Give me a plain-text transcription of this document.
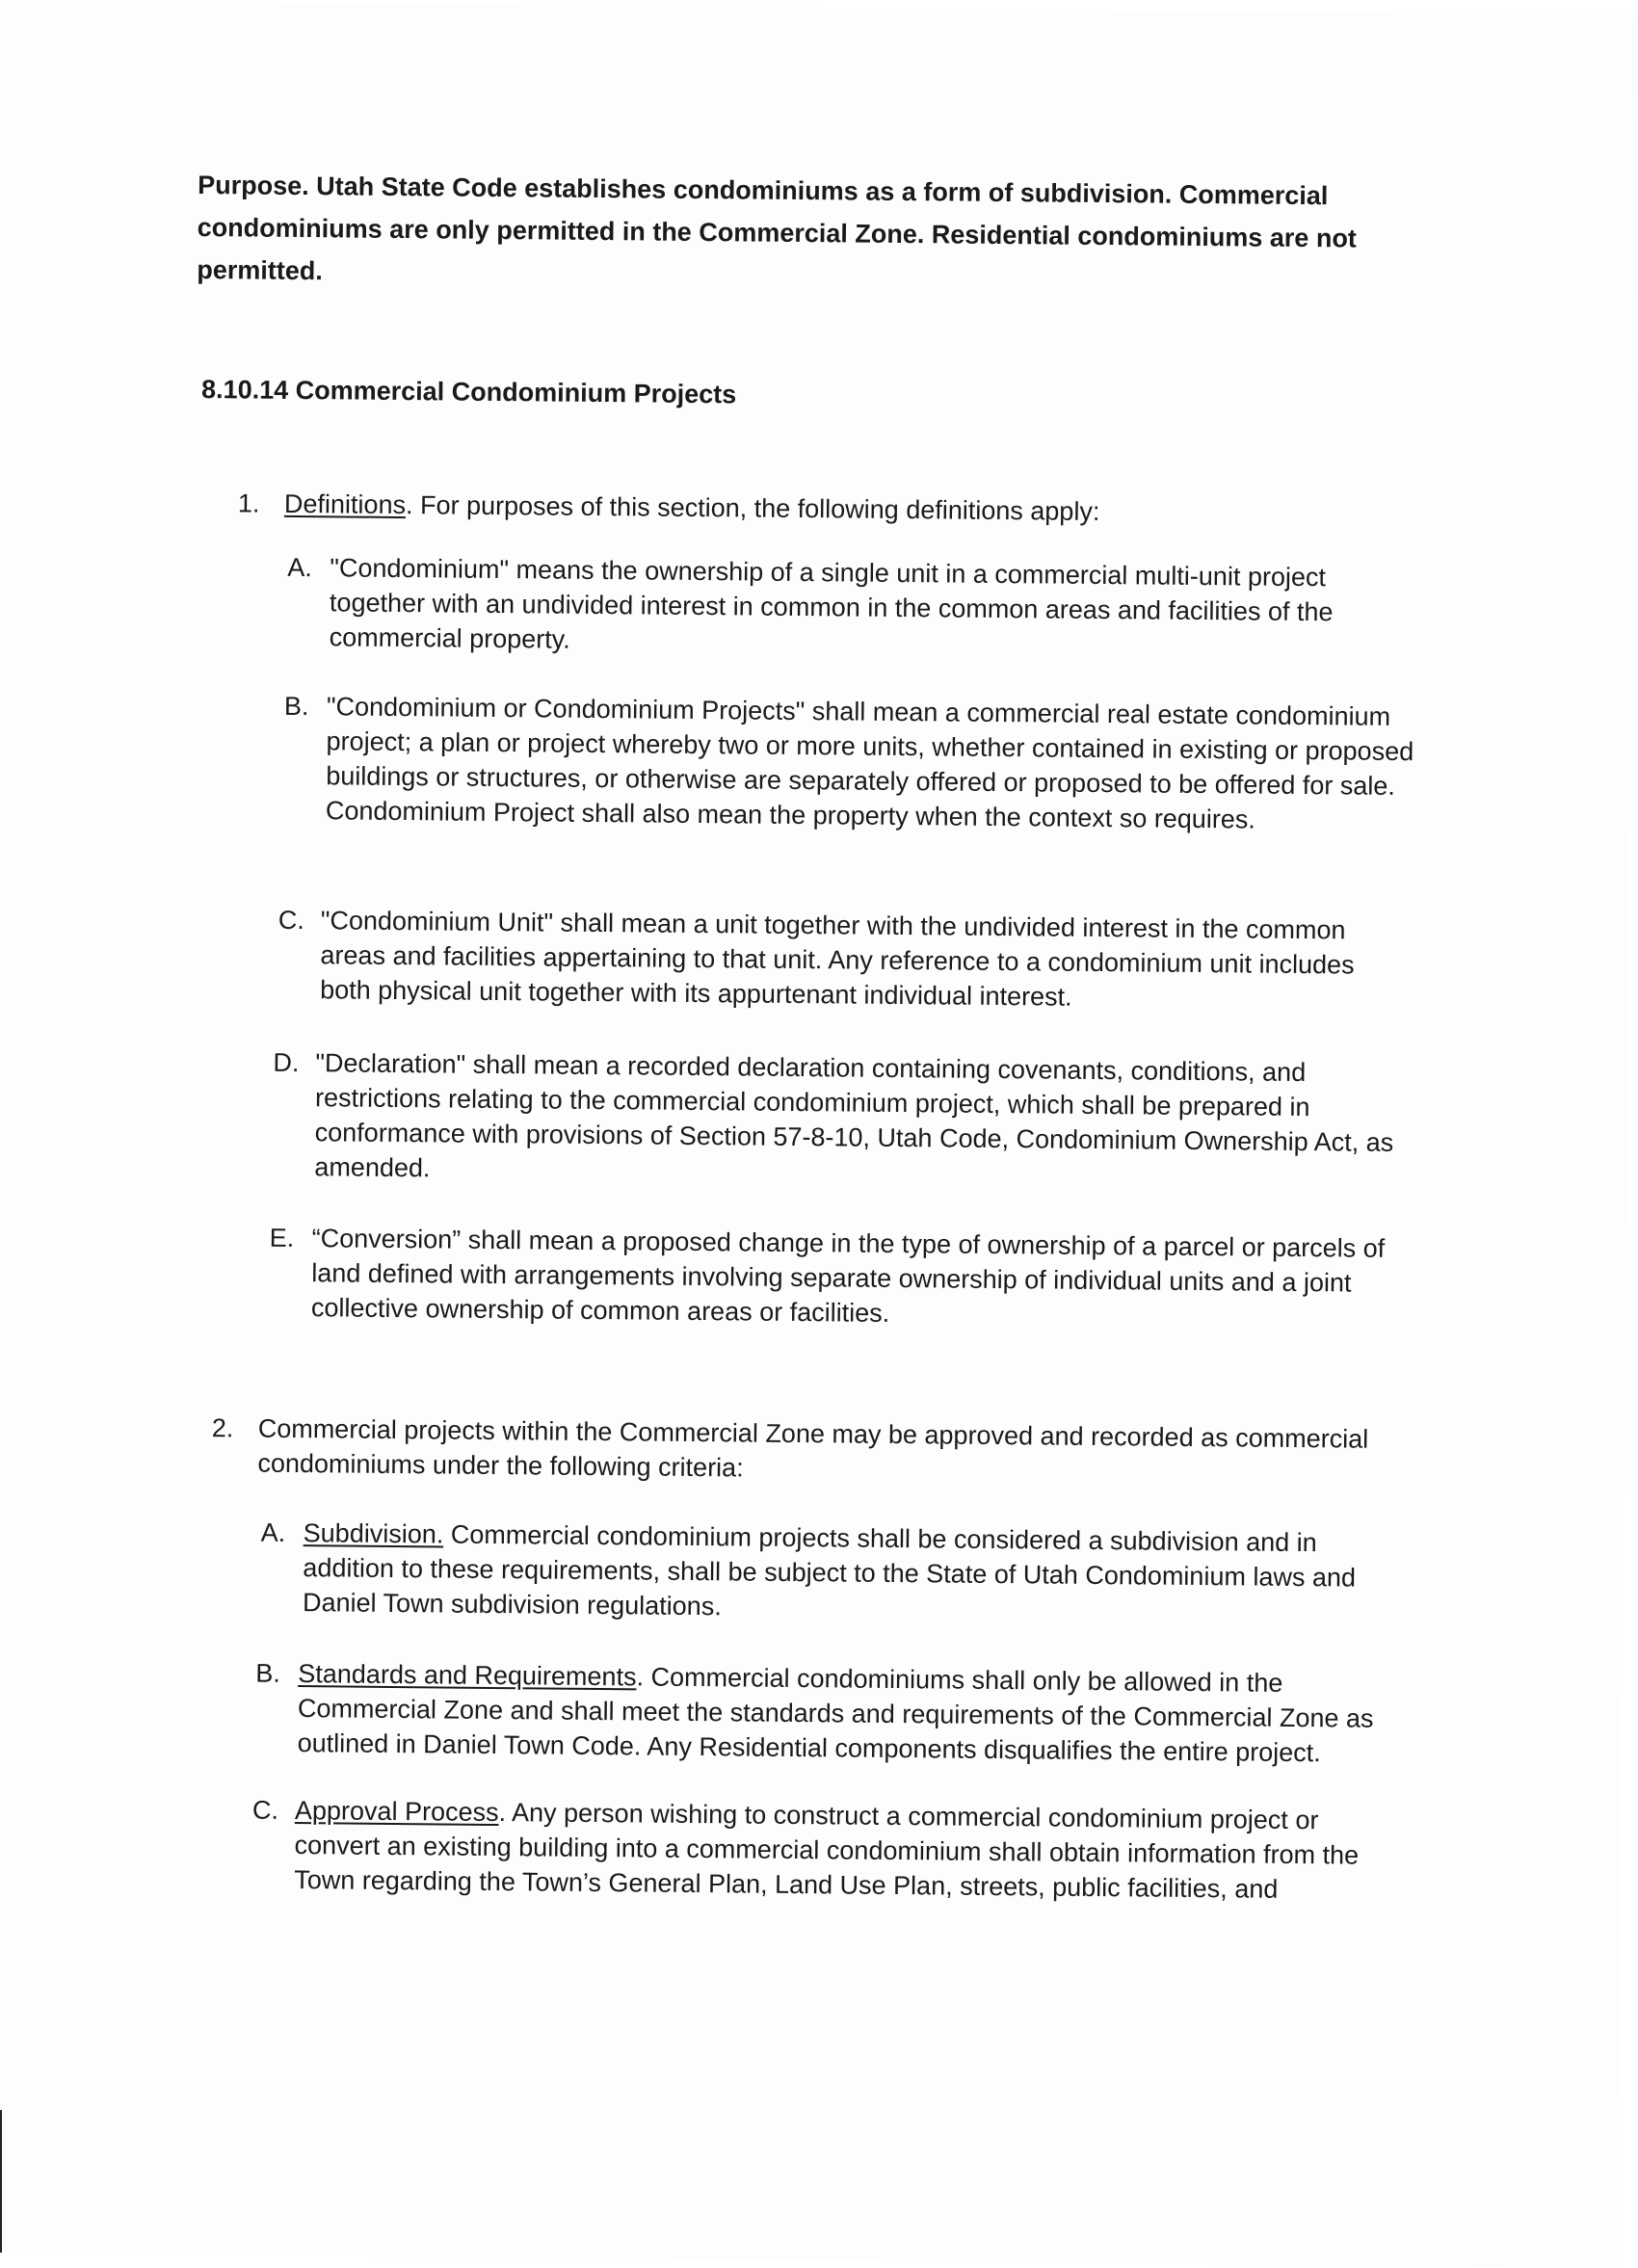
Purpose. Utah State Code establishes condominiums as a form of subdivision. Commercial condominiums are only permitted in the Commercial Zone. Residential condominiums are not permitted.
8.10.14 Commercial Condominium Projects
1. Definitions. For purposes of this section, the following definitions apply:
A. "Condominium" means the ownership of a single unit in a commercial multi-unit project together with an undivided interest in common in the common areas and facilities of the commercial property.
B. "Condominium or Condominium Projects" shall mean a commercial real estate condominium project; a plan or project whereby two or more units, whether contained in existing or proposed buildings or structures, or otherwise are separately offered or proposed to be offered for sale. Condominium Project shall also mean the property when the context so requires.
C. "Condominium Unit" shall mean a unit together with the undivided interest in the common areas and facilities appertaining to that unit. Any reference to a condominium unit includes both physical unit together with its appurtenant individual interest.
D. "Declaration" shall mean a recorded declaration containing covenants, conditions, and restrictions relating to the commercial condominium project, which shall be prepared in conformance with provisions of Section 57-8-10, Utah Code, Condominium Ownership Act, as amended.
E. “Conversion” shall mean a proposed change in the type of ownership of a parcel or parcels of land defined with arrangements involving separate ownership of individual units and a joint collective ownership of common areas or facilities.
2. Commercial projects within the Commercial Zone may be approved and recorded as commercial condominiums under the following criteria:
A. Subdivision. Commercial condominium projects shall be considered a subdivision and in addition to these requirements, shall be subject to the State of Utah Condominium laws and Daniel Town subdivision regulations.
B. Standards and Requirements. Commercial condominiums shall only be allowed in the Commercial Zone and shall meet the standards and requirements of the Commercial Zone as outlined in Daniel Town Code. Any Residential components disqualifies the entire project.
C. Approval Process. Any person wishing to construct a commercial condominium project or convert an existing building into a commercial condominium shall obtain information from the Town regarding the Town’s General Plan, Land Use Plan, streets, public facilities, and
